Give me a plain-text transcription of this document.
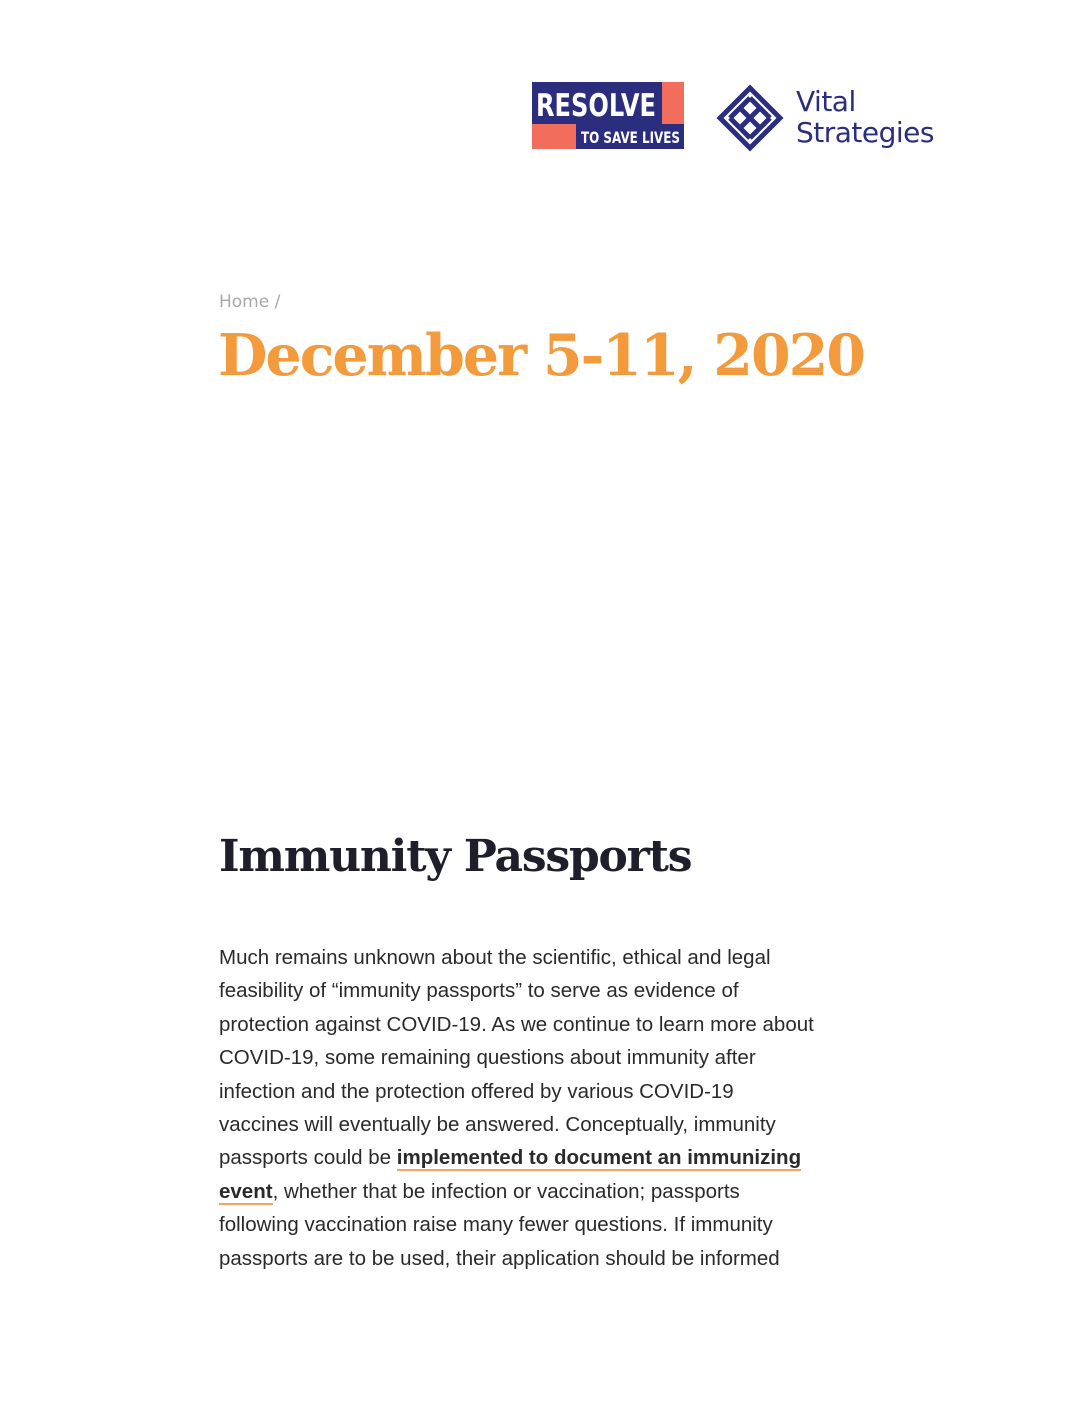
RESOLVE
TO SAVE LIVES
Vital
Strategies
Home /
December 5-11, 2020
Immunity Passports
Much remains unknown about the scientific, ethical and legal
feasibility of “immunity passports” to serve as evidence of
protection against COVID-19. As we continue to learn more about
COVID-19, some remaining questions about immunity after
infection and the protection offered by various COVID-19
vaccines will eventually be answered. Conceptually, immunity
passports could be implemented to document an immunizing
event, whether that be infection or vaccination; passports
following vaccination raise many fewer questions. If immunity
passports are to be used, their application should be informed
